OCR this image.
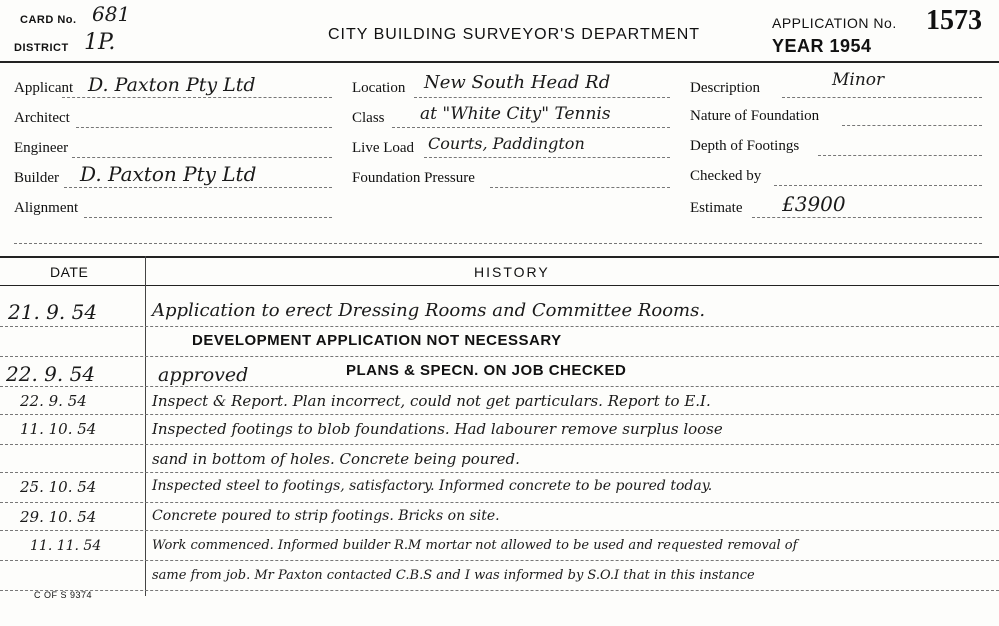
CARD No. 681
DISTRICT 1P.	CITY BUILDING SURVEYOR'S DEPARTMENT
APPLICATION No. 1573
YEAR 1954
Applicant D. Paxton Pty Ltd
Architect
Engineer
Builder D. Paxton Pty Ltd
Alignment
Location New South Head Rd
Class at "White City" Tennis
Live Load Courts, Paddington
Foundation Pressure
Description	Minor
Nature of Foundation
Depth of Footings
Checked by
Estimate £3900
DATE	HISTORY
21. 9. 54	Application to erect Dressing Rooms and Committee Rooms.
DEVELOPMENT APPLICATION NOT NECESSARY
22. 9. 54	approved	PLANS & SPECN. ON JOB CHECKED
22. 9. 54	Inspect & Report. Plan incorrect, could not get particulars. Report to E.I.
11. 10. 54	Inspected footings to blob foundations. Had labourer remove surplus loose
sand in bottom of holes. Concrete being poured.
25. 10. 54	Inspected steel to footings, satisfactory. Informed concrete to be poured today.
29. 10. 54	Concrete poured to strip footings. Bricks on site.
11. 11. 54	Work commenced. Informed builder R.M mortar not allowed to be used and requested removal of
same from job. Mr Paxton contacted C.B.S and I was informed by S.O.I that in this instance
C OF S 9374
